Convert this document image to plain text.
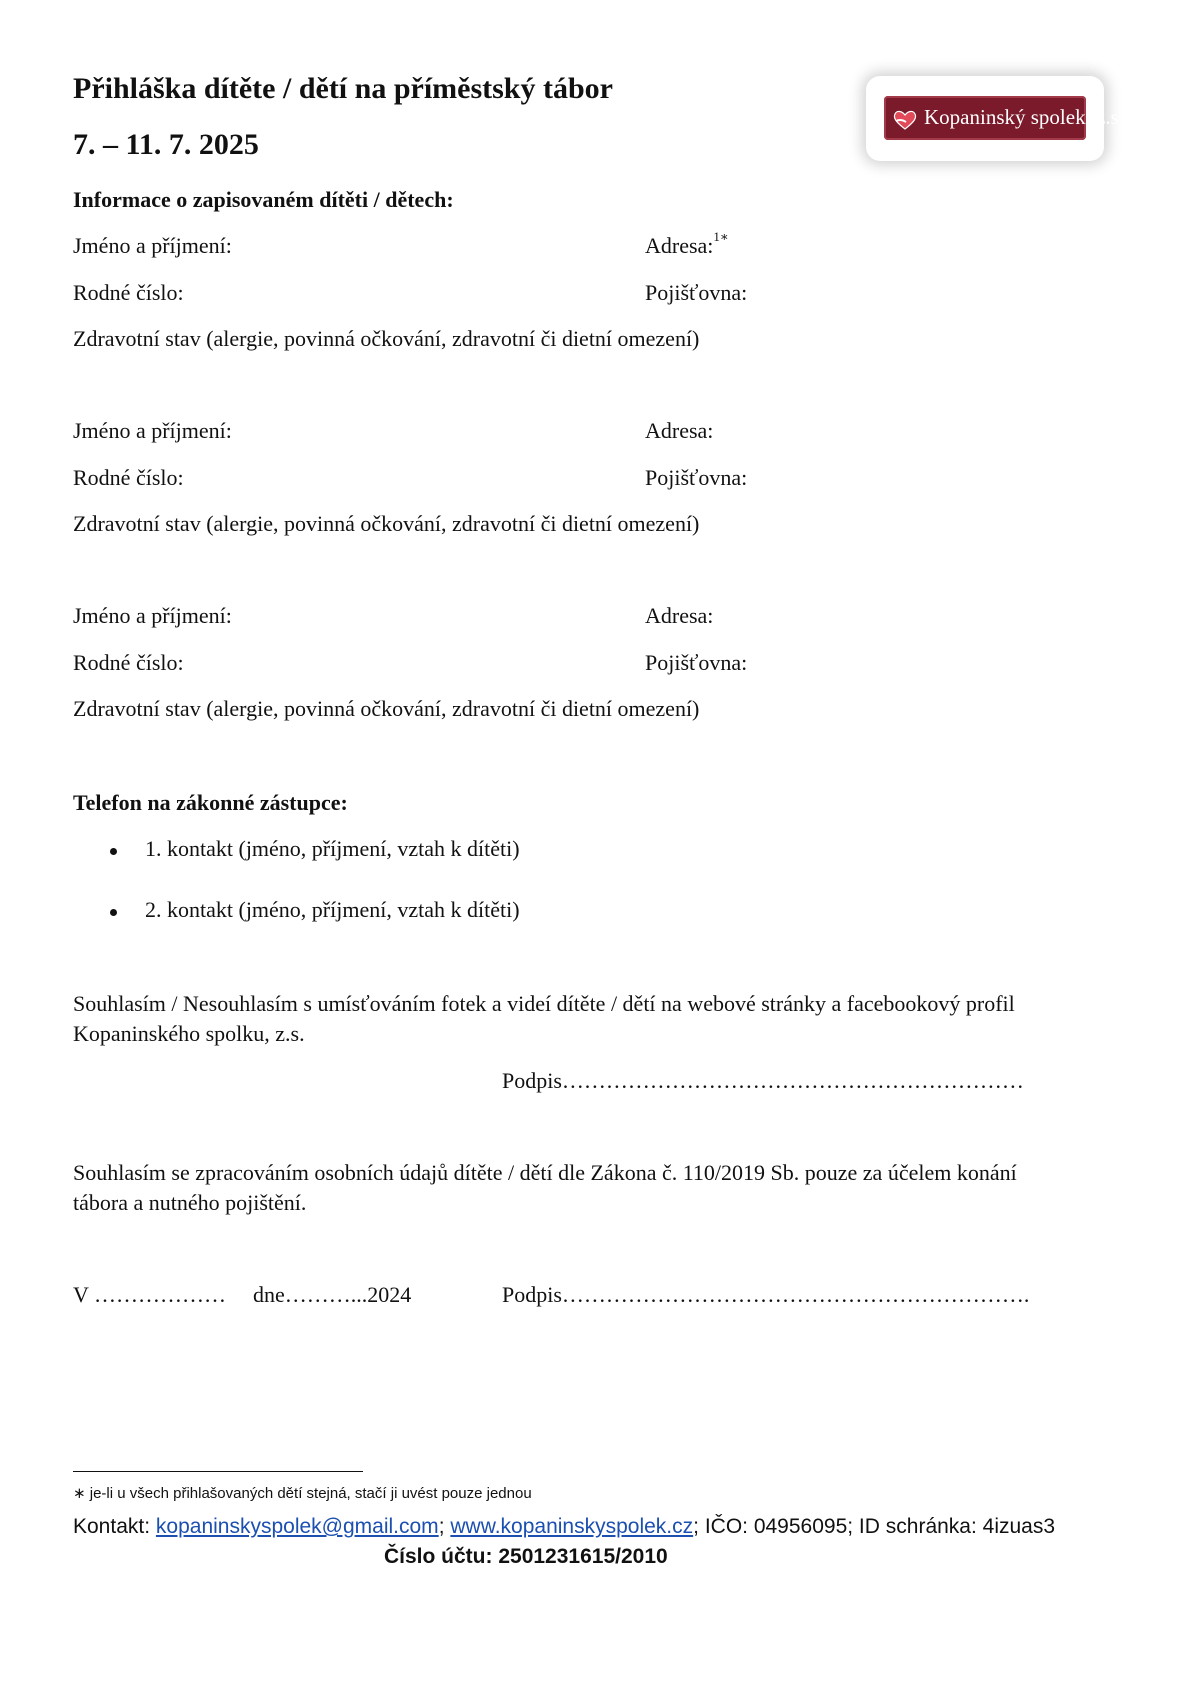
Přihláška dítěte / dětí na příměstský tábor
7. – 11. 7. 2025
Kopaninský spolek, z.s.
Informace o zapisovaném dítěti / dětech:
Jméno a příjmení:	Adresa:$^{1∗}$
Rodné číslo:	Pojišťovna:
Zdravotní stav (alergie, povinná očkování, zdravotní či dietní omezení)
Jméno a příjmení:	Adresa:
Rodné číslo:	Pojišťovna:
Zdravotní stav (alergie, povinná očkování, zdravotní či dietní omezení)
Jméno a příjmení:	Adresa:
Rodné číslo:	Pojišťovna:
Zdravotní stav (alergie, povinná očkování, zdravotní či dietní omezení)
Telefon na zákonné zástupce:
1. kontakt (jméno, příjmení, vztah k dítěti)
2. kontakt (jméno, příjmení, vztah k dítěti)
Souhlasím / Nesouhlasím s umísťováním fotek a videí dítěte / dětí na webové stránky a facebookový profil
Kopaninského spolku, z.s.
Podpis………………………………………………………
Souhlasím se zpracováním osobních údajů dítěte / dětí dle Zákona č. 110/2019 Sb. pouze za účelem konání
tábora a nutného pojištění.
V ……………… dne………...2024	Podpis……………………………………………………….
∗ je-li u všech přihlašovaných dětí stejná, stačí ji uvést pouze jednou
Kontakt: kopaninskyspolek@gmail.com; www.kopaninskyspolek.cz; IČO: 04956095; ID schránka: 4izuas3
Číslo účtu: 2501231615/2010
